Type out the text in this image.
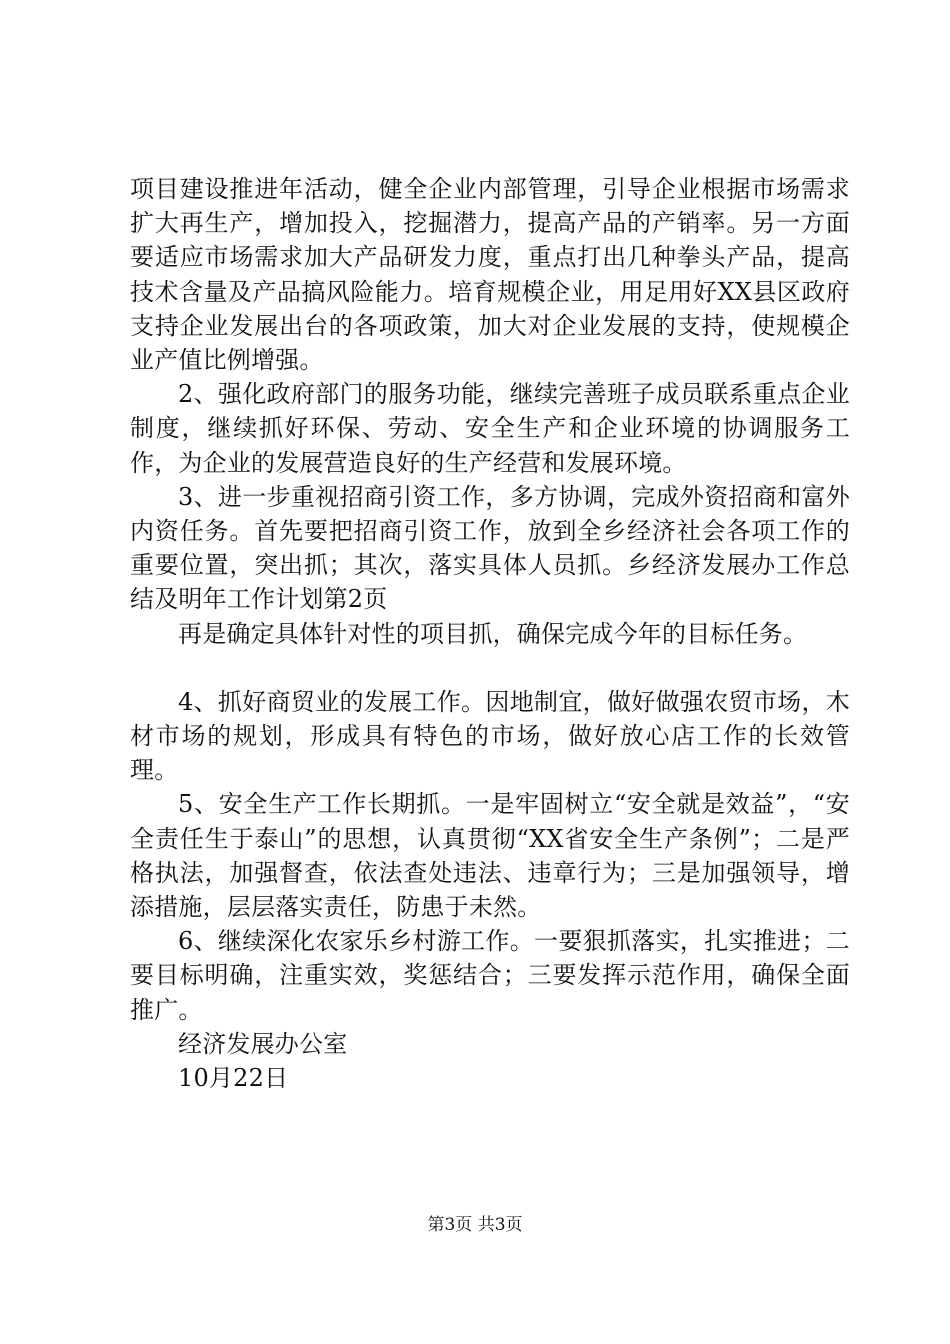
项目建设推进年活动，健全企业内部管理，引导企业根据市场需求扩大再生产，增加投入，挖掘潜力，提高产品的产销率。另一方面要适应市场需求加大产品研发力度，重点打出几种拳头产品，提高技术含量及产品搞风险能力。培育规模企业，用足用好XX县区政府支持企业发展出台的各项政策，加大对企业发展的支持，使规模企业产值比例增强。

2、强化政府部门的服务功能，继续完善班子成员联系重点企业制度，继续抓好环保、劳动、安全生产和企业环境的协调服务工作，为企业的发展营造良好的生产经营和发展环境。

3、进一步重视招商引资工作，多方协调，完成外资招商和富外内资任务。首先要把招商引资工作，放到全乡经济社会各项工作的重要位置，突出抓；其次，落实具体人员抓。乡经济发展办工作总结及明年工作计划第2页

再是确定具体针对性的项目抓，确保完成今年的目标任务。

4、抓好商贸业的发展工作。因地制宜，做好做强农贸市场，木材市场的规划，形成具有特色的市场，做好放心店工作的长效管理。

5、安全生产工作长期抓。一是牢固树立“安全就是效益”，“安全责任生于泰山”的思想，认真贯彻“XX省安全生产条例”；二是严格执法，加强督查，依法查处违法、违章行为；三是加强领导，增添措施，层层落实责任，防患于未然。

6、继续深化农家乐乡村游工作。一要狠抓落实，扎实推进；二要目标明确，注重实效，奖惩结合；三要发挥示范作用，确保全面推广。

经济发展办公室

10月22日

第3页 共3页
